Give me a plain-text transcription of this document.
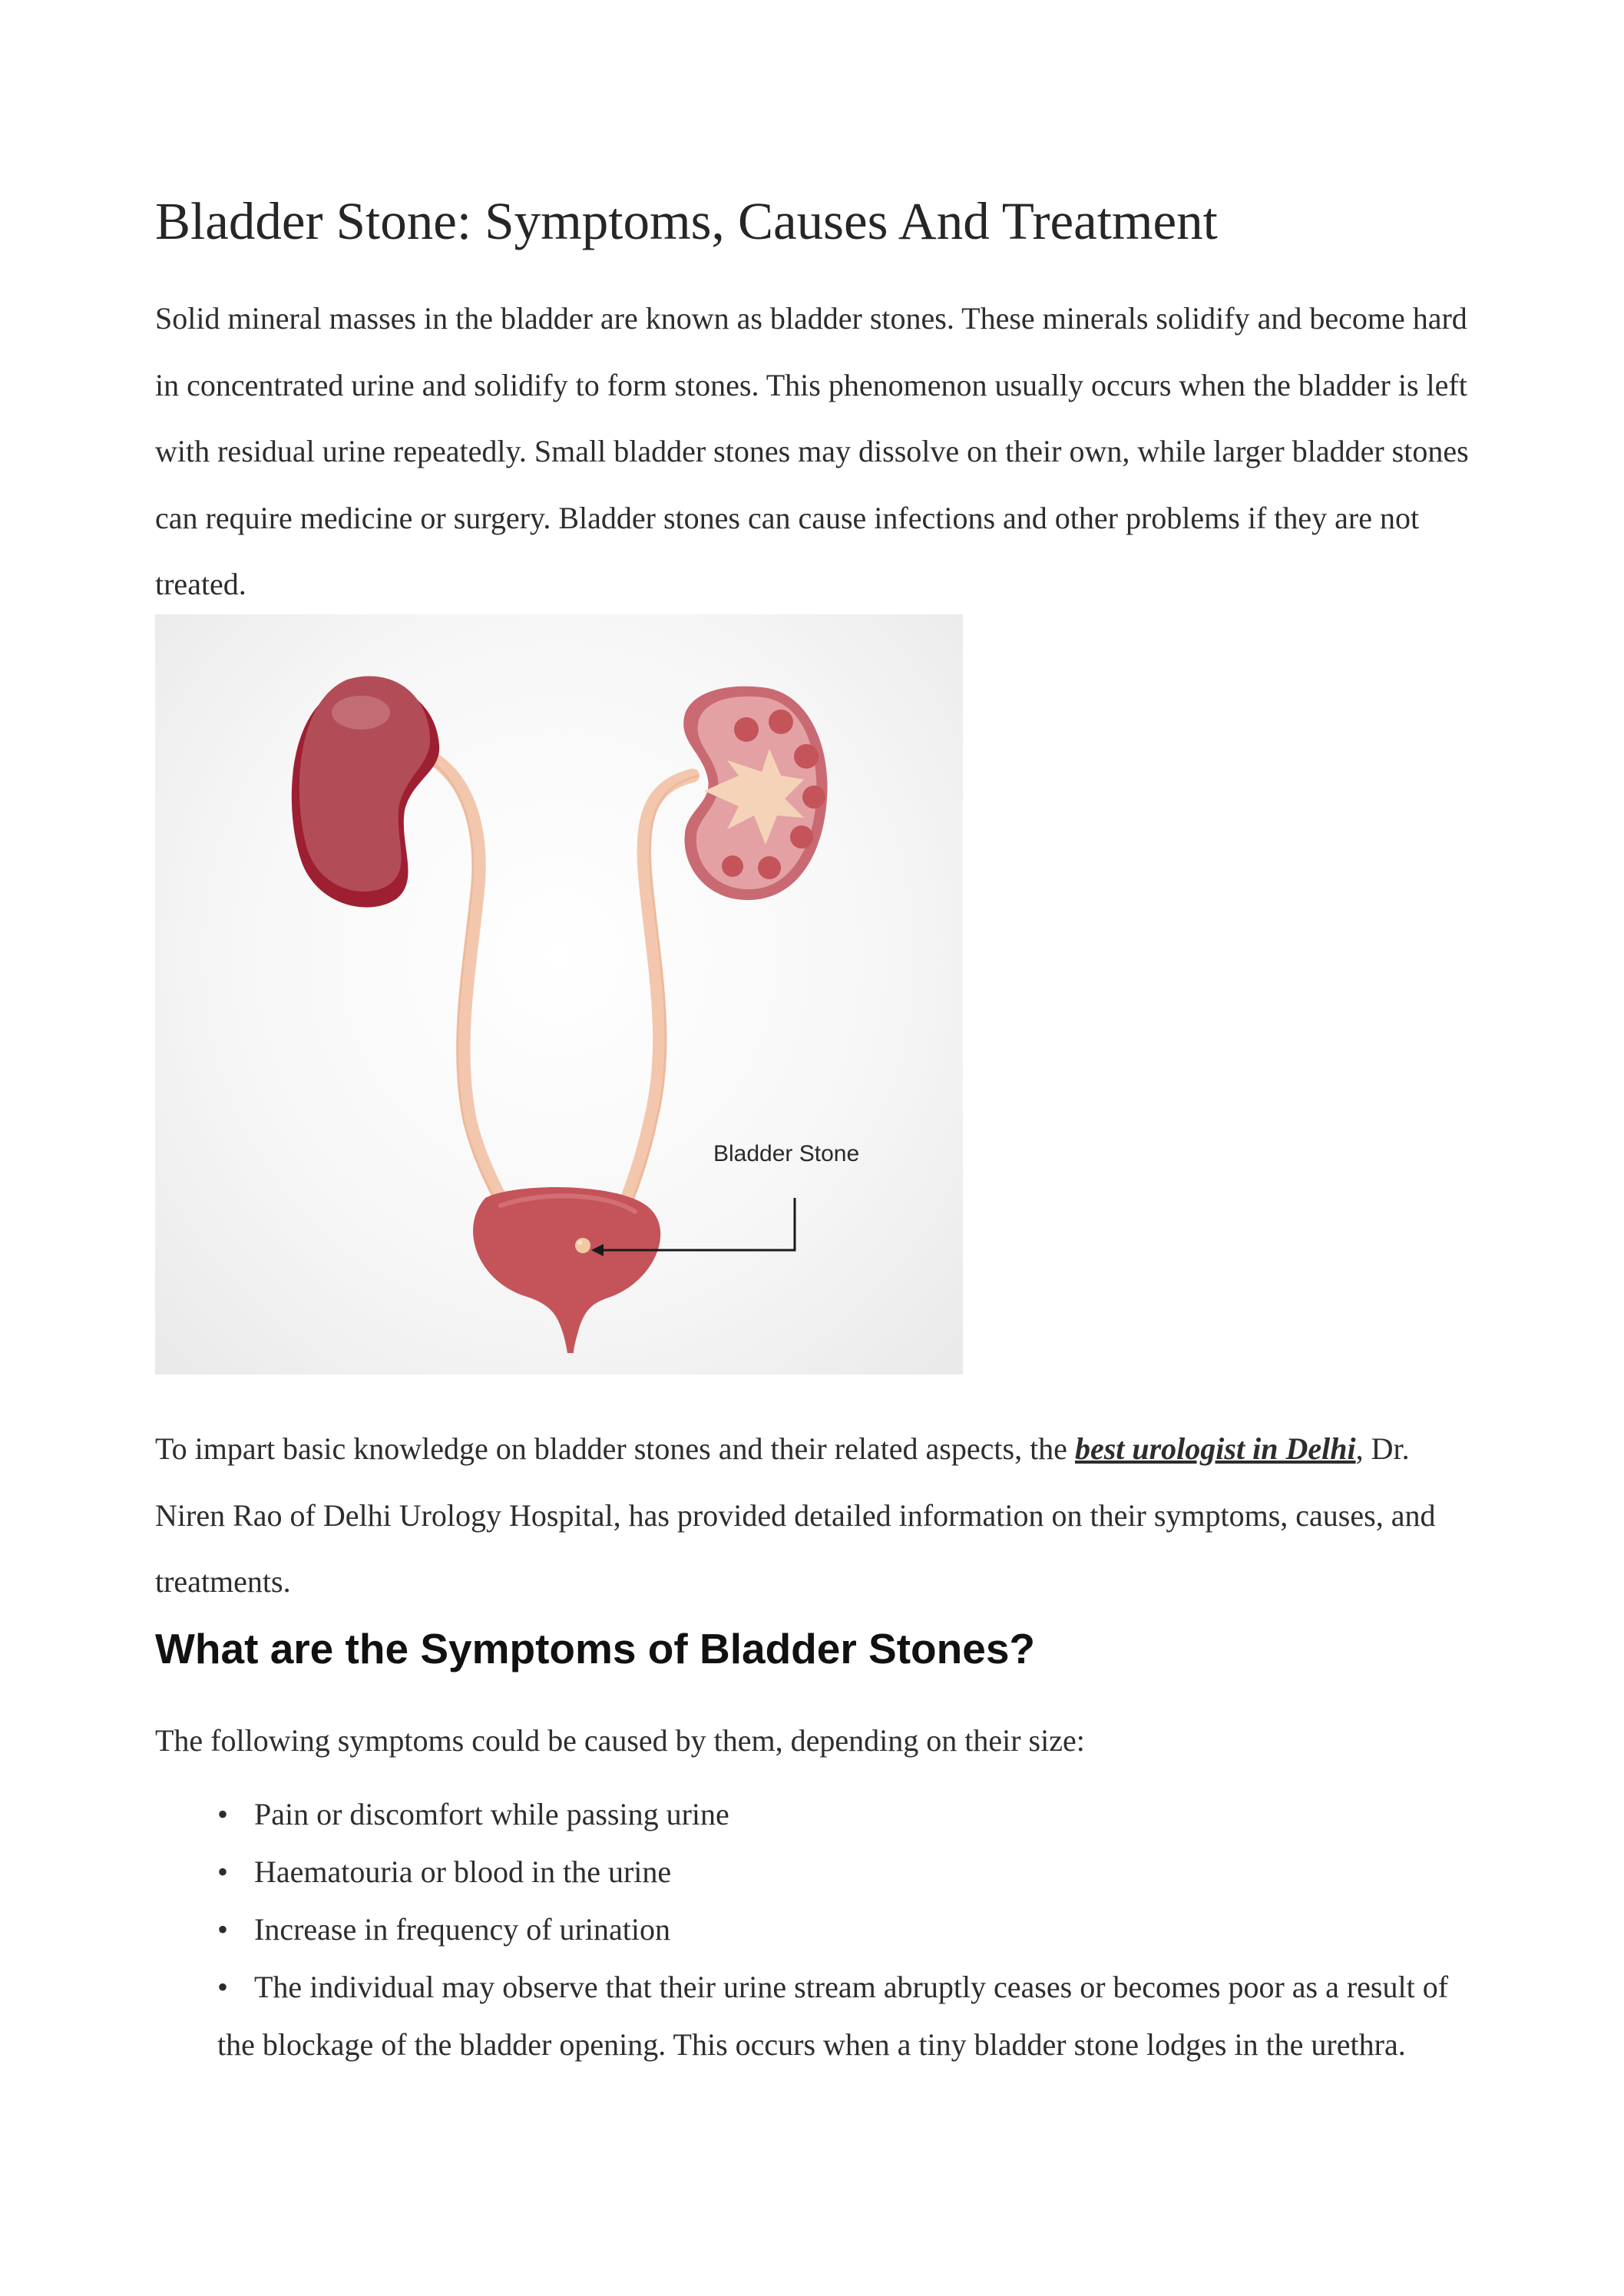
Bladder Stone: Symptoms, Causes And Treatment

Solid mineral masses in the bladder are known as bladder stones. These minerals solidify and become hard in concentrated urine and solidify to form stones. This phenomenon usually occurs when the bladder is left with residual urine repeatedly. Small bladder stones may dissolve on their own, while larger bladder stones can require medicine or surgery. Bladder stones can cause infections and other problems if they are not treated.

Bladder Stone

To impart basic knowledge on bladder stones and their related aspects, the best urologist in Delhi, Dr. Niren Rao of Delhi Urology Hospital, has provided detailed information on their symptoms, causes, and treatments.

What are the Symptoms of Bladder Stones?

The following symptoms could be caused by them, depending on their size:

• Pain or discomfort while passing urine
• Haematouria or blood in the urine
• Increase in frequency of urination
• The individual may observe that their urine stream abruptly ceases or becomes poor as a result of the blockage of the bladder opening. This occurs when a tiny bladder stone lodges in the urethra.
